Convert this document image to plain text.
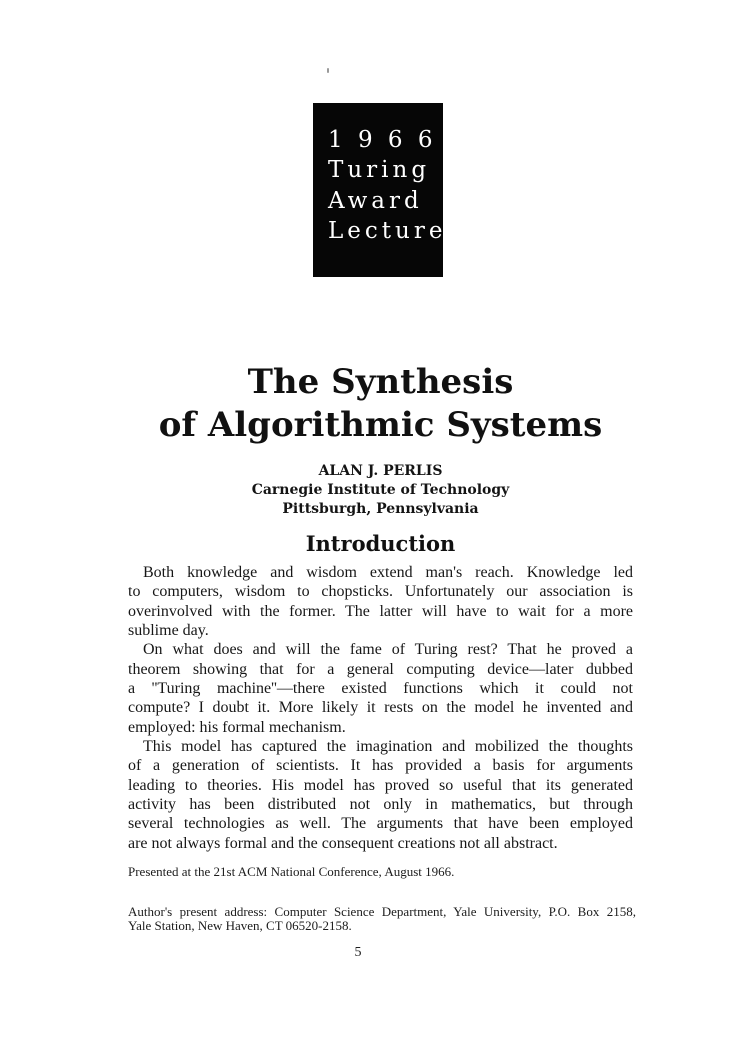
1 9 6 6
Turing
Award
Lecture
The Synthesis
of Algorithmic Systems
ALAN J. PERLIS
Carnegie Institute of Technology
Pittsburgh, Pennsylvania
Introduction
Both knowledge and wisdom extend man's reach. Knowledge led
to computers, wisdom to chopsticks. Unfortunately our association is
overinvolved with the former. The latter will have to wait for a more
sublime day.
On what does and will the fame of Turing rest? That he proved a
theorem showing that for a general computing device—later dubbed
a ''Turing machine''—there existed functions which it could not
compute? I doubt it. More likely it rests on the model he invented and
employed: his formal mechanism.
This model has captured the imagination and mobilized the thoughts
of a generation of scientists. It has provided a basis for arguments
leading to theories. His model has proved so useful that its generated
activity has been distributed not only in mathematics, but through
several technologies as well. The arguments that have been employed
are not always formal and the consequent creations not all abstract.
Presented at the 21st ACM National Conference, August 1966.
Author's present address: Computer Science Department, Yale University, P.O. Box 2158,
Yale Station, New Haven, CT 06520-2158.
5
